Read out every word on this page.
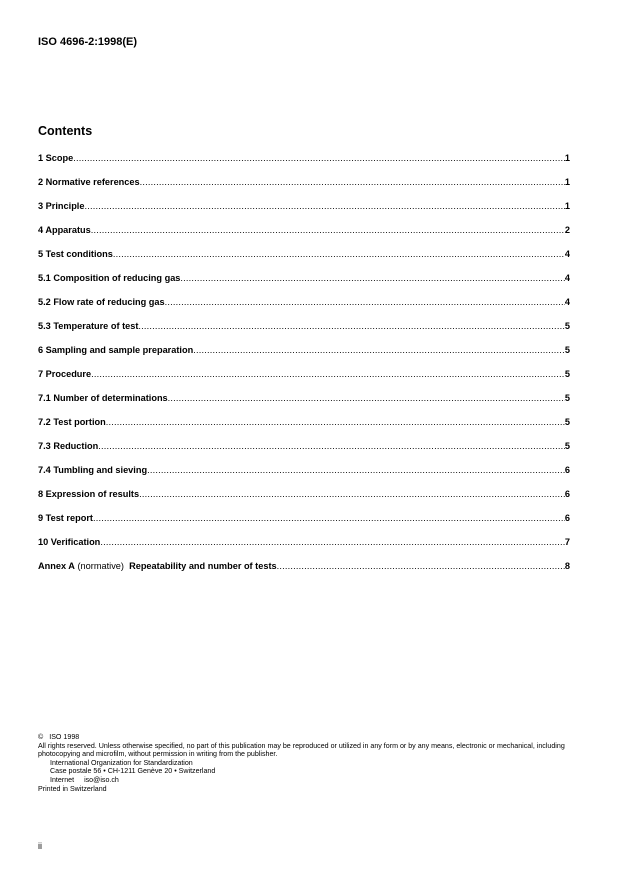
ISO 4696-2:1998(E)
Contents
1 Scope .....	1
2 Normative references .....	1
3 Principle .....	1
4 Apparatus .....	2
5 Test conditions .....	4
5.1 Composition of reducing gas .....	4
5.2 Flow rate of reducing gas .....	4
5.3 Temperature of test .....	5
6 Sampling and sample preparation .....	5
7 Procedure .....	5
7.1 Number of determinations .....	5
7.2 Test portion .....	5
7.3 Reduction .....	5
7.4 Tumbling and sieving .....	6
8 Expression of results .....	6
9 Test report .....	6
10 Verification .....	7
Annex A
(normative)
Repeatability and number of tests .....	8
© ISO 1998
All rights reserved. Unless otherwise specified, no part of this publication may be reproduced or utilized in any form or by any means, electronic or mechanical, including photocopying and microfilm, without permission in writing from the publisher.
International Organization for Standardization
Case postale 56 • CH-1211 Genève 20 • Switzerland
Internet iso@iso.ch
Printed in Switzerland
ii
